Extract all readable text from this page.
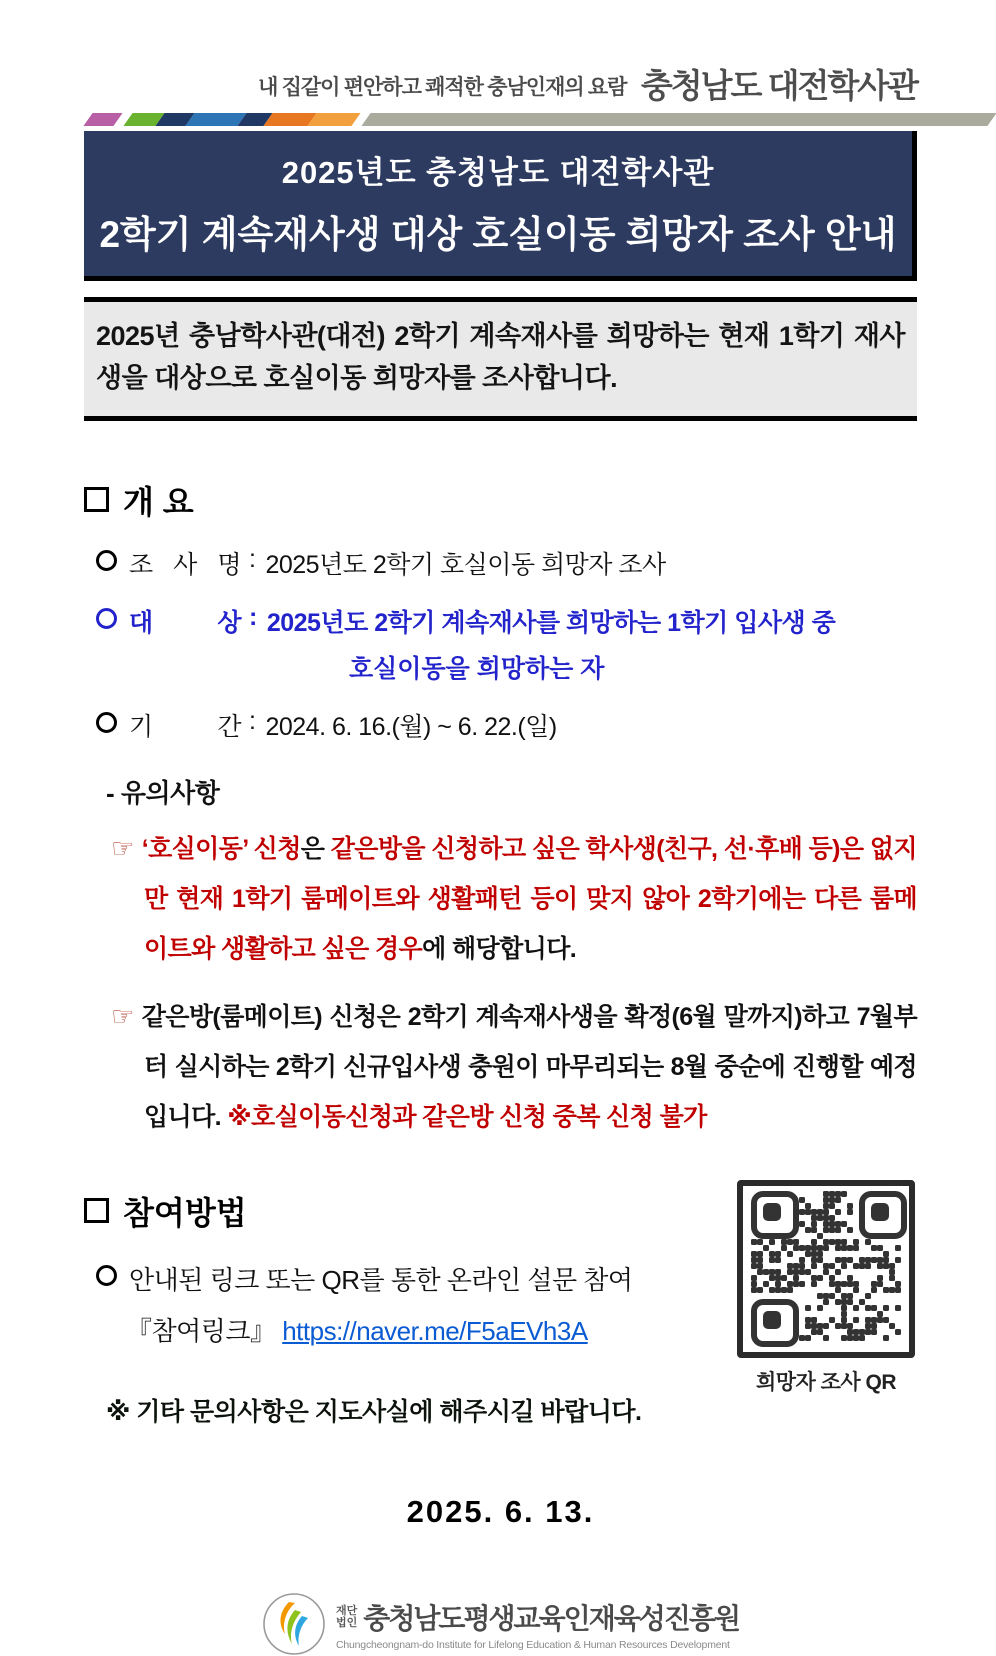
내 집같이 편안하고 쾌적한 충남인재의 요람 충청남도 대전학사관
2025년도 충청남도 대전학사관
2학기 계속재사생 대상 호실이동 희망자 조사 안내
2025년 충남학사관(대전) 2학기 계속재사를 희망하는 현재 1학기 재사생을 대상으로 호실이동 희망자를 조사합니다.
개 요
조 사 명 : 2025년도 2학기 호실이동 희망자 조사
대 상 : 2025년도 2학기 계속재사를 희망하는 1학기 입사생 중
호실이동을 희망하는 자
기 간 : 2024. 6. 16.(월) ~ 6. 22.(일)
- 유의사항
☞ ‘호실이동’ 신청은 같은방을 신청하고 싶은 학사생(친구, 선·후배 등)은 없지만 현재 1학기 룸메이트와 생활패턴 등이 맞지 않아 2학기에는 다른 룸메이트와 생활하고 싶은 경우에 해당합니다.
☞ 같은방(룸메이트) 신청은 2학기 계속재사생을 확정(6월 말까지)하고 7월부터 실시하는 2학기 신규입사생 충원이 마무리되는 8월 중순에 진행할 예정입니다. ※호실이동신청과 같은방 신청 중복 신청 불가
참여방법
안내된 링크 또는 QR를 통한 온라인 설문 참여
『참여링크』 https://naver.me/F5aEVh3A
※ 기타 문의사항은 지도사실에 해주시길 바랍니다.
희망자 조사 QR
2025. 6. 13.
재단
법인 충청남도평생교육인재육성진흥원
Chungcheongnam-do Institute for Lifelong Education & Human Resources Development
